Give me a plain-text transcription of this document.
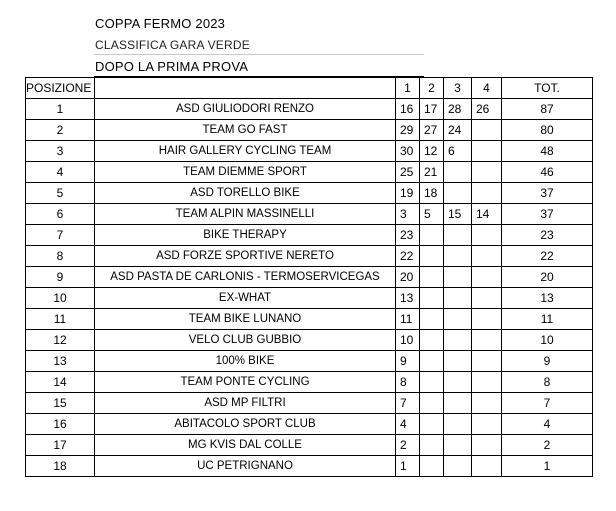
COPPA FERMO 2023
CLASSIFICA GARA VERDE
DOPO LA PRIMA PROVA
POSIZIONE		1	2	3	4	TOT.
1	ASD GIULIODORI RENZO	16	17	28	26	87
2	TEAM GO FAST	29	27	24		80
3	HAIR GALLERY CYCLING TEAM	30	12	6		48
4	TEAM DIEMME SPORT	25	21			46
5	ASD TORELLO BIKE	19	18			37
6	TEAM ALPIN MASSINELLI	3	5	15	14	37
7	BIKE THERAPY	23				23
8	ASD FORZE SPORTIVE NERETO	22				22
9	ASD PASTA DE CARLONIS - TERMOSERVICEGAS	20				20
10	EX-WHAT	13				13
11	TEAM BIKE LUNANO	11				11
12	VELO CLUB GUBBIO	10				10
13	100% BIKE	9				9
14	TEAM PONTE CYCLING	8				8
15	ASD MP FILTRI	7				7
16	ABITACOLO SPORT CLUB	4				4
17	MG KVIS DAL COLLE	2				2
18	UC PETRIGNANO	1				1
